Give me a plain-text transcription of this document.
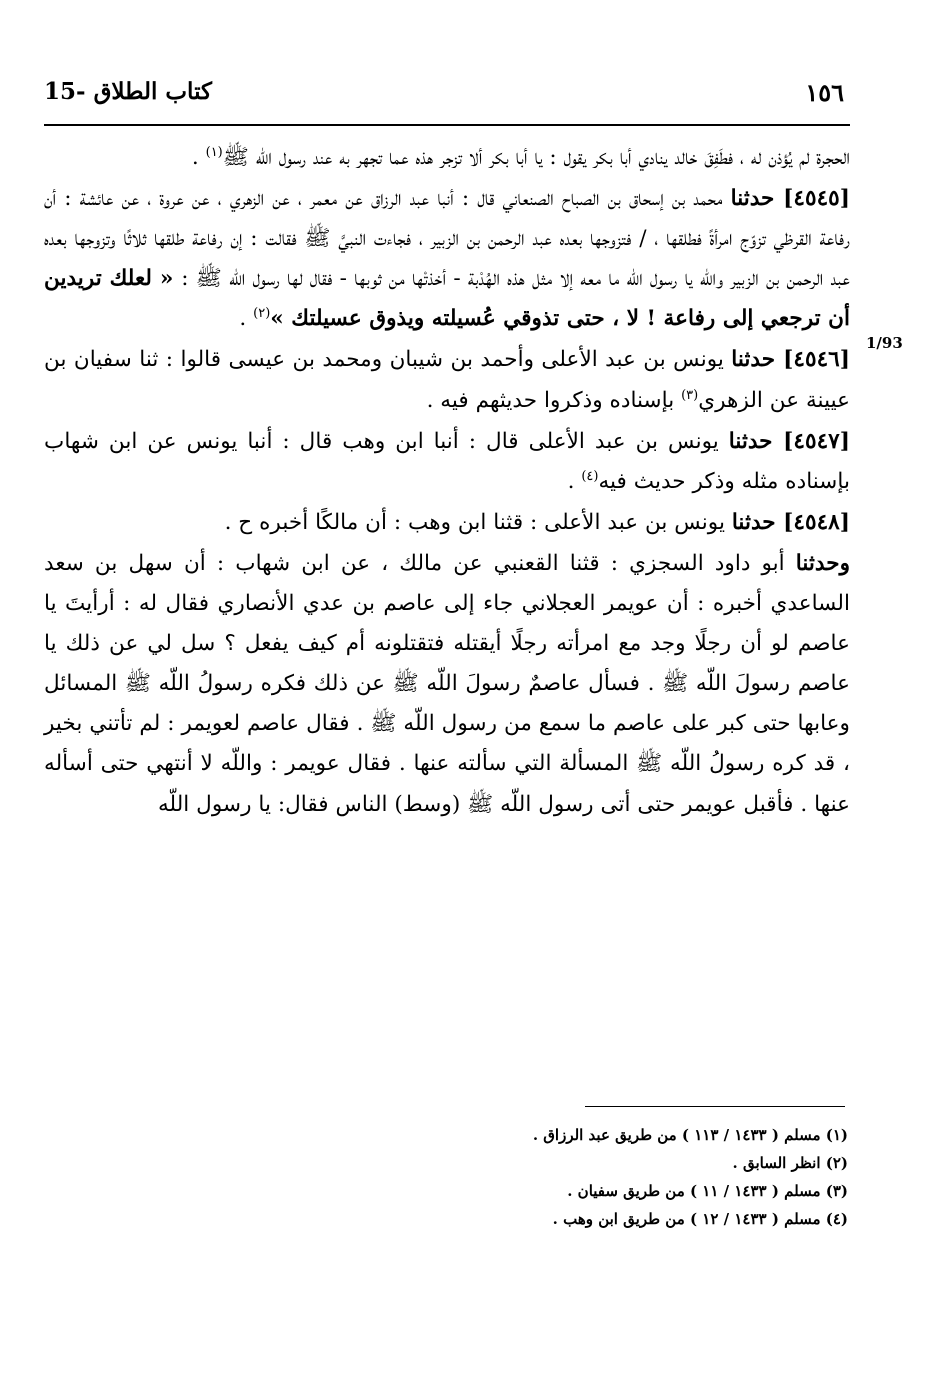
15- كتاب الطلاق	١٥٦
1/93

الحجرة لم يُؤذن له ، فطَفِقَ خالد ينادي أبا بكر يقول : يا أبا بكر ألا تزجر هذه عما تجهر به عند رسول اللّه ﷺ$^{(١)}$ .

[٤٥٤٥] حدثنا محمد بن إسحاق بن الصباح الصنعاني قال : أنبا عبد الرزاق عن معمر ، عن الزهري ، عن عروة ، عن عائشة : أن رفاعة القرظي تزوّج امرأةً فطلقها ، / فتزوجها بعده عبد الرحمن بن الزبير ، فجاءت النبيَّ ﷺ فقالت : إن رفاعة طلقها ثلاثًا وتزوجها بعده عبد الرحمن بن الزبير واللّه يا رسول اللّه ما معه إلا مثل هذه الهُدْبة - أخذتْها من ثوبها - فقال لها رسول اللّه ﷺ : « لعلك تريدين أن ترجعي إلى رفاعة ! لا ، حتى تذوقي عُسيلته ويذوق عسيلتك »$^{(٢)}$ .

[٤٥٤٦] حدثنا يونس بن عبد الأعلى وأحمد بن شيبان ومحمد بن عيسى قالوا : ثنا سفيان بن عيينة عن الزهري$^{(٣)}$ بإسناده وذكروا حديثهم فيه .

[٤٥٤٧] حدثنا يونس بن عبد الأعلى قال : أنبا ابن وهب قال : أنبا يونس عن ابن شهاب بإسناده مثله وذكر حديث فيه$^{(٤)}$ .

[٤٥٤٨] حدثنا يونس بن عبد الأعلى : قثنا ابن وهب : أن مالكًا أخبره ح .

وحدثنا أبو داود السجزي : قثنا القعنبي عن مالك ، عن ابن شهاب : أن سهل بن سعد الساعدي أخبره : أن عويمر العجلاني جاء إلى عاصم بن عدي الأنصاري فقال له : أرأيتَ يا عاصم لو أن رجلًا وجد مع امرأته رجلًا أيقتله فتقتلونه أم كيف يفعل ؟ سل لي عن ذلك يا عاصم رسولَ اللّه ﷺ . فسأل عاصمٌ رسولَ اللّه ﷺ عن ذلك فكره رسولُ اللّه ﷺ المسائل وعابها حتى كبر على عاصم ما سمع من رسول اللّه ﷺ . فقال عاصم لعويمر : لم تأتني بخير ، قد كره رسولُ اللّه ﷺ المسألة التي سألته عنها . فقال عويمر : واللّه لا أنتهي حتى أسأله عنها . فأقبل عويمر حتى أتى رسول اللّه ﷺ (وسط) الناس فقال: يا رسول اللّه

(١) مسلم ( ١٤٣٣ / ١١٣ ) من طريق عبد الرزاق .
(٢) انظر السابق .
(٣) مسلم ( ١٤٣٣ / ١١ ) من طريق سفيان .
(٤) مسلم ( ١٤٣٣ / ١٢ ) من طريق ابن وهب .
